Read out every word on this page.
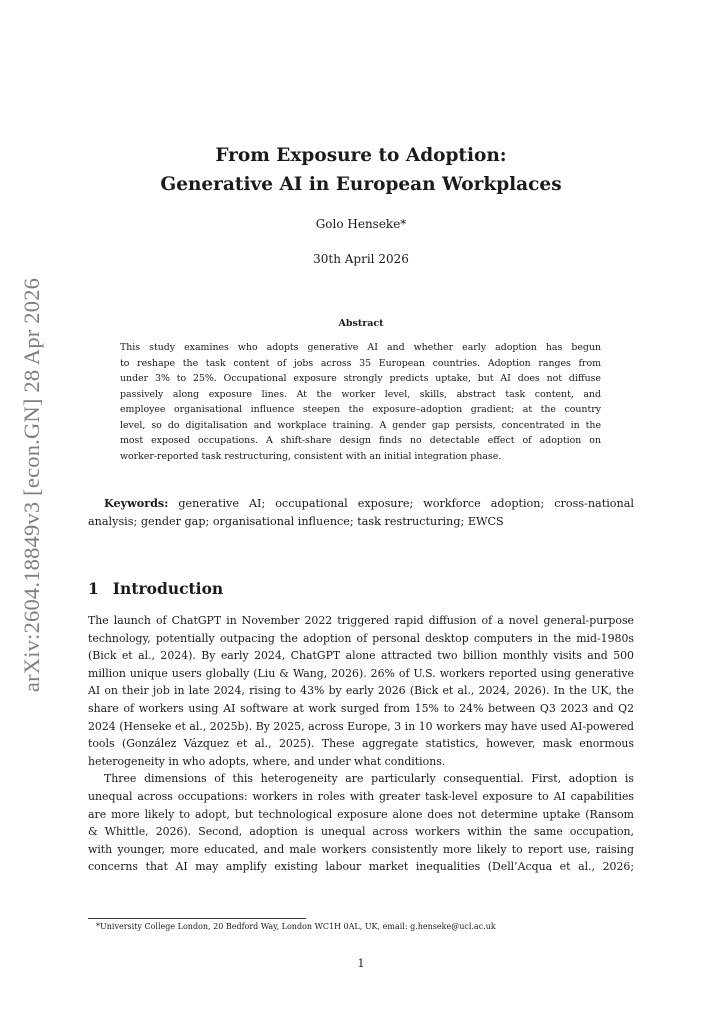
arXiv:2604.18849v3 [econ.GN] 28 Apr 2026
From Exposure to Adoption:
Generative AI in European Workplaces
Golo Henseke*
30th April 2026
Abstract
This study examines who adopts generative AI and whether early adoption has begun
to reshape the task content of jobs across 35 European countries. Adoption ranges from
under 3% to 25%. Occupational exposure strongly predicts uptake, but AI does not diffuse
passively along exposure lines. At the worker level, skills, abstract task content, and
employee organisational influence steepen the exposure–adoption gradient; at the country
level, so do digitalisation and workplace training. A gender gap persists, concentrated in the
most exposed occupations. A shift-share design finds no detectable effect of adoption on
worker-reported task restructuring, consistent with an initial integration phase.
Keywords: generative AI; occupational exposure; workforce adoption; cross-national
analysis; gender gap; organisational influence; task restructuring; EWCS
1 Introduction
The launch of ChatGPT in November 2022 triggered rapid diffusion of a novel general-purpose
technology, potentially outpacing the adoption of personal desktop computers in the mid-1980s
(Bick et al., 2024). By early 2024, ChatGPT alone attracted two billion monthly visits and 500
million unique users globally (Liu & Wang, 2026). 26% of U.S. workers reported using generative
AI on their job in late 2024, rising to 43% by early 2026 (Bick et al., 2024, 2026). In the UK, the
share of workers using AI software at work surged from 15% to 24% between Q3 2023 and Q2
2024 (Henseke et al., 2025b). By 2025, across Europe, 3 in 10 workers may have used AI-powered
tools (González Vázquez et al., 2025). These aggregate statistics, however, mask enormous
heterogeneity in who adopts, where, and under what conditions.
Three dimensions of this heterogeneity are particularly consequential. First, adoption is
unequal across occupations: workers in roles with greater task-level exposure to AI capabilities
are more likely to adopt, but technological exposure alone does not determine uptake (Ransom
& Whittle, 2026). Second, adoption is unequal across workers within the same occupation,
with younger, more educated, and male workers consistently more likely to report use, raising
concerns that AI may amplify existing labour market inequalities (Dell’Acqua et al., 2026;
*University College London, 20 Bedford Way, London WC1H 0AL, UK, email: g.henseke@ucl.ac.uk
1
